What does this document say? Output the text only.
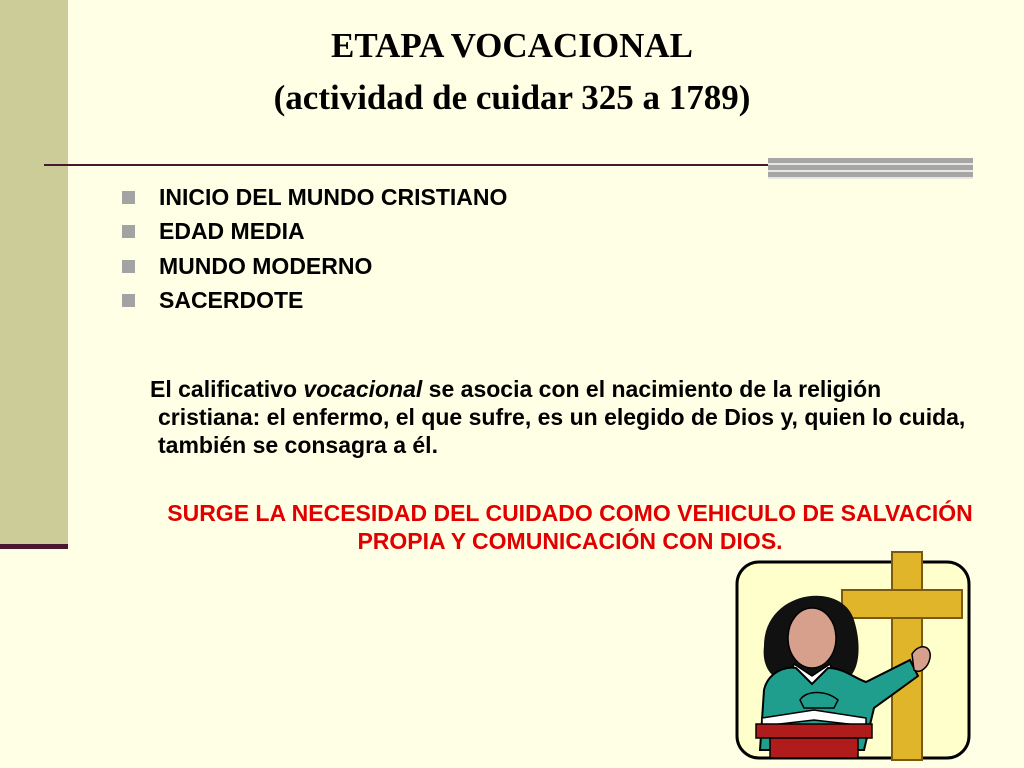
ETAPA VOCACIONAL
(actividad de cuidar 325 a 1789)
INICIO DEL MUNDO CRISTIANO
EDAD MEDIA
MUNDO MODERNO
SACERDOTE

El calificativo vocacional se asocia con el nacimiento de la religión cristiana: el enfermo, el que sufre, es un elegido de Dios y, quien lo cuida, también se consagra a él.

SURGE LA NECESIDAD DEL CUIDADO COMO VEHICULO DE SALVACIÓN PROPIA Y COMUNICACIÓN CON DIOS.
